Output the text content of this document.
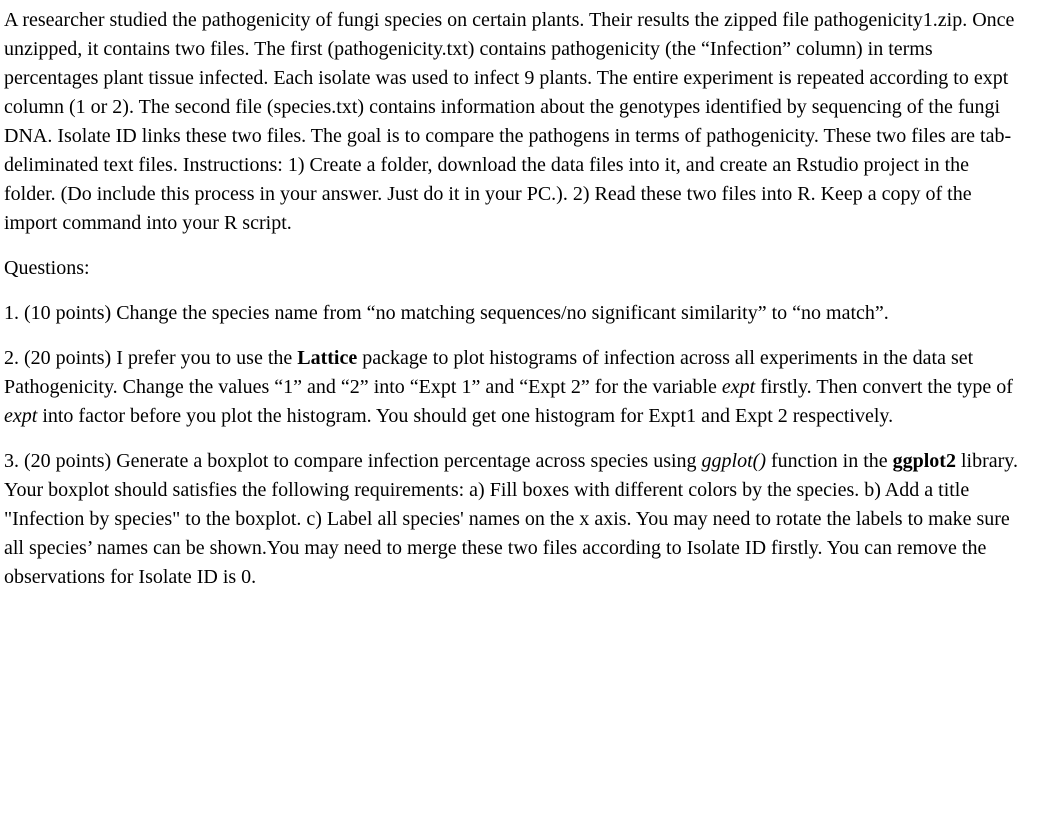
A researcher studied the pathogenicity of fungi species on certain plants. Their results the zipped file pathogenicity1.zip. Once unzipped, it contains two files. The first (pathogenicity.txt) contains pathogenicity (the “Infection” column) in terms percentages plant tissue infected. Each isolate was used to infect 9 plants. The entire experiment is repeated according to expt column (1 or 2). The second file (species.txt) contains information about the genotypes identified by sequencing of the fungi DNA. Isolate ID links these two files. The goal is to compare the pathogens in terms of pathogenicity. These two files are tab- deliminated text files. Instructions: 1) Create a folder, download the data files into it, and create an Rstudio project in the folder. (Do include this process in your answer. Just do it in your PC.). 2) Read these two files into R. Keep a copy of the import command into your R script.

Questions:

1. (10 points) Change the species name from “no matching sequences/no significant similarity” to “no match”.

2. (20 points) I prefer you to use the Lattice package to plot histograms of infection across all experiments in the data set Pathogenicity. Change the values “1” and “2” into “Expt 1” and “Expt 2” for the variable expt firstly. Then convert the type of expt into factor before you plot the histogram. You should get one histogram for Expt1 and Expt 2 respectively.

3. (20 points) Generate a boxplot to compare infection percentage across species using ggplot() function in the ggplot2 library. Your boxplot should satisfies the following requirements: a) Fill boxes with different colors by the species. b) Add a title "Infection by species" to the boxplot. c) Label all species' names on the x axis. You may need to rotate the labels to make sure all species’ names can be shown.You may need to merge these two files according to Isolate ID firstly. You can remove the observations for Isolate ID is 0.
